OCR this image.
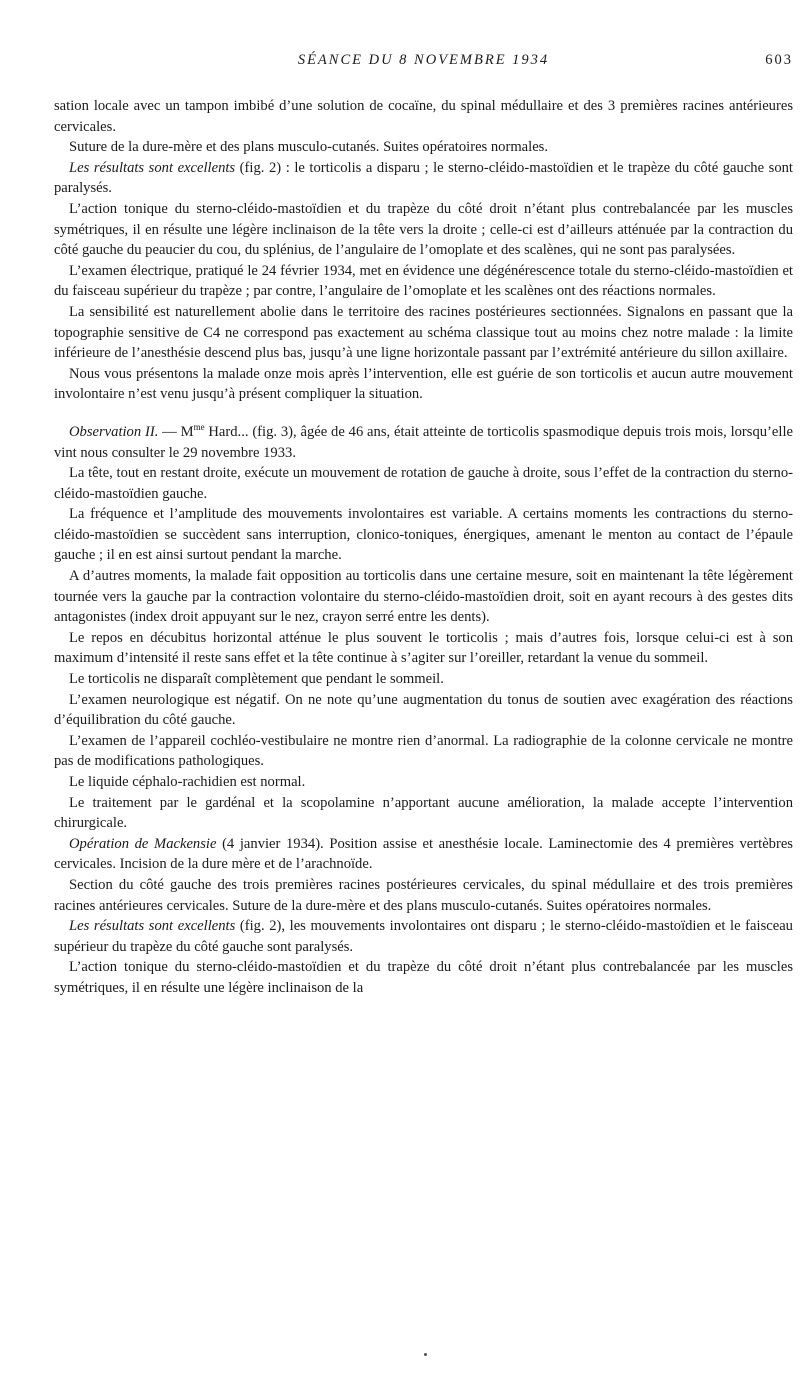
SÉANCE DU 8 NOVEMBRE 1934	603

sation locale avec un tampon imbibé d’une solution de cocaïne, du spinal médullaire et des 3 premières racines antérieures cervicales.

Suture de la dure-mère et des plans musculo-cutanés. Suites opératoires normales.

Les résultats sont excellents (fig. 2) : le torticolis a disparu ; le sterno-cléido-mastoïdien et le trapèze du côté gauche sont paralysés.

L’action tonique du sterno-cléido-mastoïdien et du trapèze du côté droit n’étant plus contrebalancée par les muscles symétriques, il en résulte une légère inclinaison de la tête vers la droite ; celle-ci est d’ailleurs atténuée par la contraction du côté gauche du peaucier du cou, du splénius, de l’angulaire de l’omoplate et des scalènes, qui ne sont pas paralysées.

L’examen électrique, pratiqué le 24 février 1934, met en évidence une dégénérescence totale du sterno-cléido-mastoïdien et du faisceau supérieur du trapèze ; par contre, l’angulaire de l’omoplate et les scalènes ont des réactions normales.

La sensibilité est naturellement abolie dans le territoire des racines postérieures sectionnées. Signalons en passant que la topographie sensitive de C4 ne correspond pas exactement au schéma classique tout au moins chez notre malade : la limite inférieure de l’anesthésie descend plus bas, jusqu’à une ligne horizontale passant par l’extrémité antérieure du sillon axillaire.

Nous vous présentons la malade onze mois après l’intervention, elle est guérie de son torticolis et aucun autre mouvement involontaire n’est venu jusqu’à présent compliquer la situation.

Observation II. — $M^{me}$ Hard... (fig. 3), âgée de 46 ans, était atteinte de torticolis spasmodique depuis trois mois, lorsqu’elle vint nous consulter le 29 novembre 1933.

La tête, tout en restant droite, exécute un mouvement de rotation de gauche à droite, sous l’effet de la contraction du sterno-cléido-mastoïdien gauche.

La fréquence et l’amplitude des mouvements involontaires est variable. A certains moments les contractions du sterno-cléido-mastoïdien se succèdent sans interruption, clonico-toniques, énergiques, amenant le menton au contact de l’épaule gauche ; il en est ainsi surtout pendant la marche.

A d’autres moments, la malade fait opposition au torticolis dans une certaine mesure, soit en maintenant la tête légèrement tournée vers la gauche par la contraction volontaire du sterno-cléido-mastoïdien droit, soit en ayant recours à des gestes dits antagonistes (index droit appuyant sur le nez, crayon serré entre les dents).

Le repos en décubitus horizontal atténue le plus souvent le torticolis ; mais d’autres fois, lorsque celui-ci est à son maximum d’intensité il reste sans effet et la tête continue à s’agiter sur l’oreiller, retardant la venue du sommeil.

Le torticolis ne disparaît complètement que pendant le sommeil.

L’examen neurologique est négatif. On ne note qu’une augmentation du tonus de soutien avec exagération des réactions d’équilibration du côté gauche.

L’examen de l’appareil cochléo-vestibulaire ne montre rien d’anormal. La radiographie de la colonne cervicale ne montre pas de modifications pathologiques.

Le liquide céphalo-rachidien est normal.

Le traitement par le gardénal et la scopolamine n’apportant aucune amélioration, la malade accepte l’intervention chirurgicale.

Opération de Mackensie (4 janvier 1934). Position assise et anesthésie locale. Laminectomie des 4 premières vertèbres cervicales. Incision de la dure mère et de l’arachnoïde.

Section du côté gauche des trois premières racines postérieures cervicales, du spinal médullaire et des trois premières racines antérieures cervicales. Suture de la dure-mère et des plans musculo-cutanés. Suites opératoires normales.

Les résultats sont excellents (fig. 2), les mouvements involontaires ont disparu ; le sterno-cléido-mastoïdien et le faisceau supérieur du trapèze du côté gauche sont paralysés.

L’action tonique du sterno-cléido-mastoïdien et du trapèze du côté droit n’étant plus contrebalancée par les muscles symétriques, il en résulte une légère inclinaison de la
